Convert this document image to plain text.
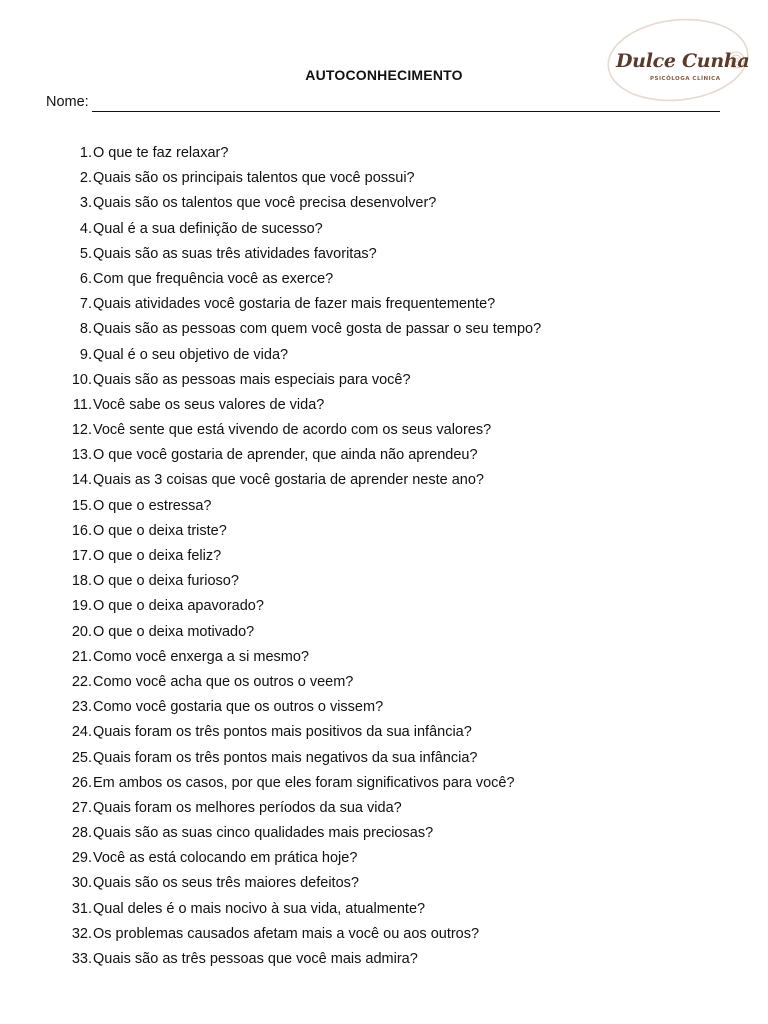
Dulce Cunha
PSICÓLOGA CLÍNICA
AUTOCONHECIMENTO
Nome:
1. O que te faz relaxar?
2. Quais são os principais talentos que você possui?
3. Quais são os talentos que você precisa desenvolver?
4. Qual é a sua definição de sucesso?
5. Quais são as suas três atividades favoritas?
6. Com que frequência você as exerce?
7. Quais atividades você gostaria de fazer mais frequentemente?
8. Quais são as pessoas com quem você gosta de passar o seu tempo?
9. Qual é o seu objetivo de vida?
10. Quais são as pessoas mais especiais para você?
11. Você sabe os seus valores de vida?
12. Você sente que está vivendo de acordo com os seus valores?
13. O que você gostaria de aprender, que ainda não aprendeu?
14. Quais as 3 coisas que você gostaria de aprender neste ano?
15. O que o estressa?
16. O que o deixa triste?
17. O que o deixa feliz?
18. O que o deixa furioso?
19. O que o deixa apavorado?
20. O que o deixa motivado?
21. Como você enxerga a si mesmo?
22. Como você acha que os outros o veem?
23. Como você gostaria que os outros o vissem?
24. Quais foram os três pontos mais positivos da sua infância?
25. Quais foram os três pontos mais negativos da sua infância?
26. Em ambos os casos, por que eles foram significativos para você?
27. Quais foram os melhores períodos da sua vida?
28. Quais são as suas cinco qualidades mais preciosas?
29. Você as está colocando em prática hoje?
30. Quais são os seus três maiores defeitos?
31. Qual deles é o mais nocivo à sua vida, atualmente?
32. Os problemas causados afetam mais a você ou aos outros?
33. Quais são as três pessoas que você mais admira?
